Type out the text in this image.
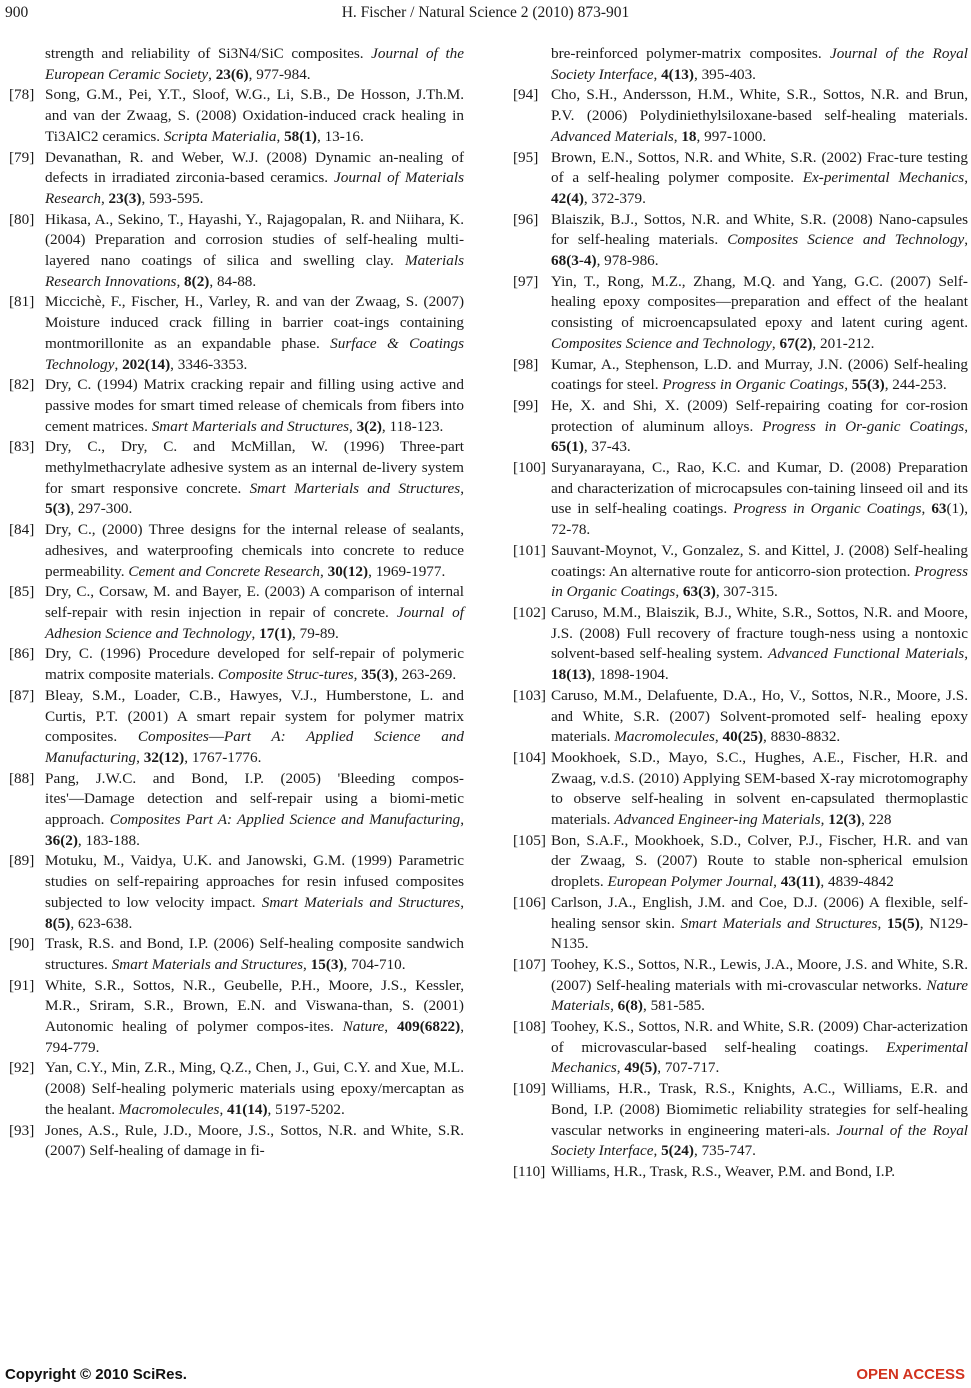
900	H. Fischer / Natural Science 2 (2010) 873-901

strength and reliability of Si3N4/SiC composites. Journal of the European Ceramic Society, 23(6), 977-984.

[78] Song, G.M., Pei, Y.T., Sloof, W.G., Li, S.B., De Hosson, J.Th.M. and van der Zwaag, S. (2008) Oxidation-induced crack healing in Ti3AlC2 ceramics. Scripta Materialia, 58(1), 13-16.

[79] Devanathan, R. and Weber, W.J. (2008) Dynamic an-nealing of defects in irradiated zirconia-based ceramics. Journal of Materials Research, 23(3), 593-595.

[80] Hikasa, A., Sekino, T., Hayashi, Y., Rajagopalan, R. and Niihara, K. (2004) Preparation and corrosion studies of self-healing multi-layered nano coatings of silica and swelling clay. Materials Research Innovations, 8(2), 84-88.

[81] Miccichè, F., Fischer, H., Varley, R. and van der Zwaag, S. (2007) Moisture induced crack filling in barrier coat-ings containing montmorillonite as an expandable phase. Surface & Coatings Technology, 202(14), 3346-3353.

[82] Dry, C. (1994) Matrix cracking repair and filling using active and passive modes for smart timed release of chemicals from fibers into cement matrices. Smart Marterials and Structures, 3(2), 118-123.

[83] Dry, C., Dry, C. and McMillan, W. (1996) Three-part methylmethacrylate adhesive system as an internal de-livery system for smart responsive concrete. Smart Marterials and Structures, 5(3), 297-300.

[84] Dry, C., (2000) Three designs for the internal release of sealants, adhesives, and waterproofing chemicals into concrete to reduce permeability. Cement and Concrete Research, 30(12), 1969-1977.

[85] Dry, C., Corsaw, M. and Bayer, E. (2003) A comparison of internal self-repair with resin injection in repair of concrete. Journal of Adhesion Science and Technology, 17(1), 79-89.

[86] Dry, C. (1996) Procedure developed for self-repair of polymeric matrix composite materials. Composite Struc-tures, 35(3), 263-269.

[87] Bleay, S.M., Loader, C.B., Hawyes, V.J., Humberstone, L. and Curtis, P.T. (2001) A smart repair system for polymer matrix composites. Composites―Part A: Applied Science and Manufacturing, 32(12), 1767-1776.

[88] Pang, J.W.C. and Bond, I.P. (2005) 'Bleeding compos-ites'―Damage detection and self-repair using a biomi-metic approach. Composites Part A: Applied Science and Manufacturing, 36(2), 183-188.

[89] Motuku, M., Vaidya, U.K. and Janowski, G.M. (1999) Parametric studies on self-repairing approaches for resin infused composites subjected to low velocity impact. Smart Materials and Structures, 8(5), 623-638.

[90] Trask, R.S. and Bond, I.P. (2006) Self-healing composite sandwich structures. Smart Materials and Structures, 15(3), 704-710.

[91] White, S.R., Sottos, N.R., Geubelle, P.H., Moore, J.S., Kessler, M.R., Sriram, S.R., Brown, E.N. and Viswana-than, S. (2001) Autonomic healing of polymer compos-ites. Nature, 409(6822), 794-779.

[92] Yan, C.Y., Min, Z.R., Ming, Q.Z., Chen, J., Gui, C.Y. and Xue, M.L. (2008) Self-healing polymeric materials using epoxy/mercaptan as the healant. Macromolecules, 41(14), 5197-5202.

[93] Jones, A.S., Rule, J.D., Moore, J.S., Sottos, N.R. and White, S.R. (2007) Self-healing of damage in fi-

bre-reinforced polymer-matrix composites. Journal of the Royal Society Interface, 4(13), 395-403.

[94] Cho, S.H., Andersson, H.M., White, S.R., Sottos, N.R. and Brun, P.V. (2006) Polydiniethylsiloxane-based self-healing materials. Advanced Materials, 18, 997-1000.

[95] Brown, E.N., Sottos, N.R. and White, S.R. (2002) Frac-ture testing of a self-healing polymer composite. Ex-perimental Mechanics, 42(4), 372-379.

[96] Blaiszik, B.J., Sottos, N.R. and White, S.R. (2008) Nano-capsules for self-healing materials. Composites Science and Technology, 68(3-4), 978-986.

[97] Yin, T., Rong, M.Z., Zhang, M.Q. and Yang, G.C. (2007) Self-healing epoxy composites―preparation and effect of the healant consisting of microencapsulated epoxy and latent curing agent. Composites Science and Technology, 67(2), 201-212.

[98] Kumar, A., Stephenson, L.D. and Murray, J.N. (2006) Self-healing coatings for steel. Progress in Organic Coatings, 55(3), 244-253.

[99] He, X. and Shi, X. (2009) Self-repairing coating for cor-rosion protection of aluminum alloys. Progress in Or-ganic Coatings, 65(1), 37-43.

[100] Suryanarayana, C., Rao, K.C. and Kumar, D. (2008) Preparation and characterization of microcapsules con-taining linseed oil and its use in self-healing coatings. Progress in Organic Coatings, 63(1), 72-78.

[101] Sauvant-Moynot, V., Gonzalez, S. and Kittel, J. (2008) Self-healing coatings: An alternative route for anticorro-sion protection. Progress in Organic Coatings, 63(3), 307-315.

[102] Caruso, M.M., Blaiszik, B.J., White, S.R., Sottos, N.R. and Moore, J.S. (2008) Full recovery of fracture tough-ness using a nontoxic solvent-based self-healing system. Advanced Functional Materials, 18(13), 1898-1904.

[103] Caruso, M.M., Delafuente, D.A., Ho, V., Sottos, N.R., Moore, J.S. and White, S.R. (2007) Solvent-promoted self- healing epoxy materials. Macromolecules, 40(25), 8830-8832.

[104] Mookhoek, S.D., Mayo, S.C., Hughes, A.E., Fischer, H.R. and Zwaag, v.d.S. (2010) Applying SEM-based X-ray microtomography to observe self-healing in solvent en-capsulated thermoplastic materials. Advanced Engineer-ing Materials, 12(3), 228

[105] Bon, S.A.F., Mookhoek, S.D., Colver, P.J., Fischer, H.R. and van der Zwaag, S. (2007) Route to stable non-spherical emulsion droplets. European Polymer Journal, 43(11), 4839-4842

[106] Carlson, J.A., English, J.M. and Coe, D.J. (2006) A flexible, self-healing sensor skin. Smart Materials and Structures, 15(5), N129-N135.

[107] Toohey, K.S., Sottos, N.R., Lewis, J.A., Moore, J.S. and White, S.R. (2007) Self-healing materials with mi-crovascular networks. Nature Materials, 6(8), 581-585.

[108] Toohey, K.S., Sottos, N.R. and White, S.R. (2009) Char-acterization of microvascular-based self-healing coatings. Experimental Mechanics, 49(5), 707-717.

[109] Williams, H.R., Trask, R.S., Knights, A.C., Williams, E.R. and Bond, I.P. (2008) Biomimetic reliability strategies for self-healing vascular networks in engineering materi-als. Journal of the Royal Society Interface, 5(24), 735-747.

[110] Williams, H.R., Trask, R.S., Weaver, P.M. and Bond, I.P.

Copyright © 2010 SciRes.	OPEN ACCESS
